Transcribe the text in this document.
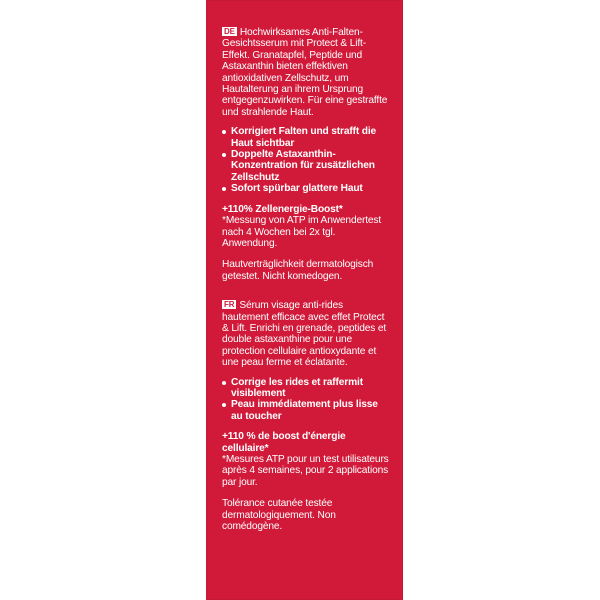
DE Hochwirksames Anti-Falten-Gesichtsserum mit Protect & Lift-Effekt. Granatapfel, Peptide und Astaxanthin bieten effektiven antioxidativen Zellschutz, um Hautalterung an ihrem Ursprung entgegenzuwirken. Für eine gestraffte und strahlende Haut.

Korrigiert Falten und strafft die Haut sichtbar
Doppelte Astaxanthin-Konzentration für zusätzlichen Zellschutz
Sofort spürbar glattere Haut

+110% Zellenergie-Boost*

*Messung von ATP im Anwendertest nach 4 Wochen bei 2x tgl. Anwendung.

Hautverträglichkeit dermatologisch getestet. Nicht komedogen.

FR Sérum visage anti-rides hautement efficace avec effet Protect & Lift. Enrichi en grenade, peptides et double astaxanthine pour une protection cellulaire antioxydante et une peau ferme et éclatante.

Corrige les rides et raffermit visiblement
Peau immédiatement plus lisse au toucher

+110 % de boost d'énergie cellulaire*

*Mesures ATP pour un test utilisateurs après 4 semaines, pour 2 applications par jour.

Tolérance cutanée testée dermatologiquement. Non comédogène.
